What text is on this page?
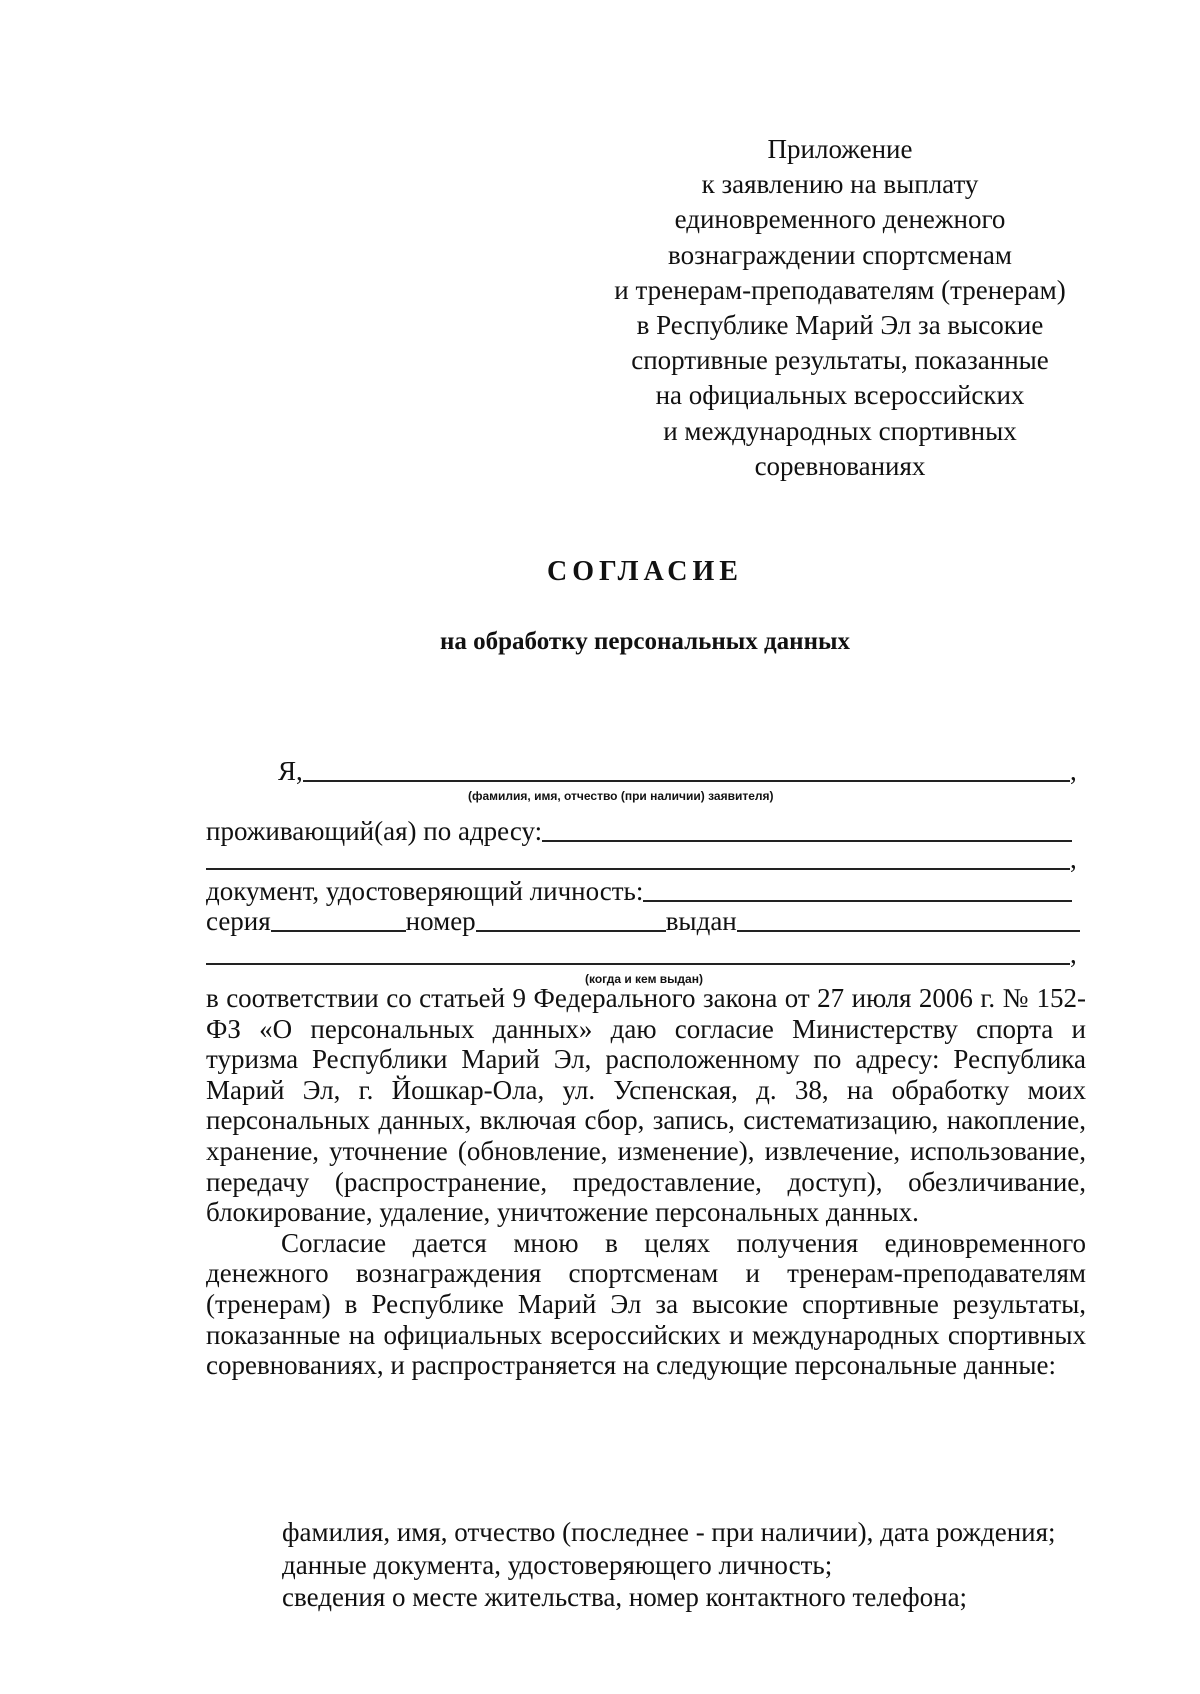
Приложение
к заявлению на выплату
единовременного денежного
вознаграждении спортсменам
и тренерам-преподавателям (тренерам)
в Республике Марий Эл за высокие
спортивные результаты, показанные
на официальных всероссийских
и международных спортивных
соревнованиях
СОГЛАСИЕ
на обработку персональных данных
Я,	,
(фамилия, имя, отчество (при наличии) заявителя)
проживающий(ая) по адресу:
,
документ, удостоверяющий личность:
серия	номер	выдан
,
(когда и кем выдан)

в соответствии со статьей 9 Федерального закона от 27 июля 2006 г. № 152-ФЗ «О персональных данных» даю согласие Министерству спорта и туризма Республики Марий Эл, расположенному по адресу: Республика Марий Эл, г. Йошкар-Ола, ул. Успенская, д. 38, на обработку моих персональных данных, включая сбор, запись, систематизацию, накопление, хранение, уточнение (обновление, изменение), извлечение, использование, передачу (распространение, предоставление, доступ), обезличивание, блокирование, удаление, уничтожение персональных данных.

Согласие дается мною в целях получения единовременного денежного вознаграждения спортсменам и тренерам-преподавателям (тренерам) в Республике Марий Эл за высокие спортивные результаты, показанные на официальных всероссийских и международных спортивных соревнованиях, и распространяется на следующие персональные данные:

фамилия, имя, отчество (последнее - при наличии), дата рождения;
данные документа, удостоверяющего личность;
сведения о месте жительства, номер контактного телефона;
